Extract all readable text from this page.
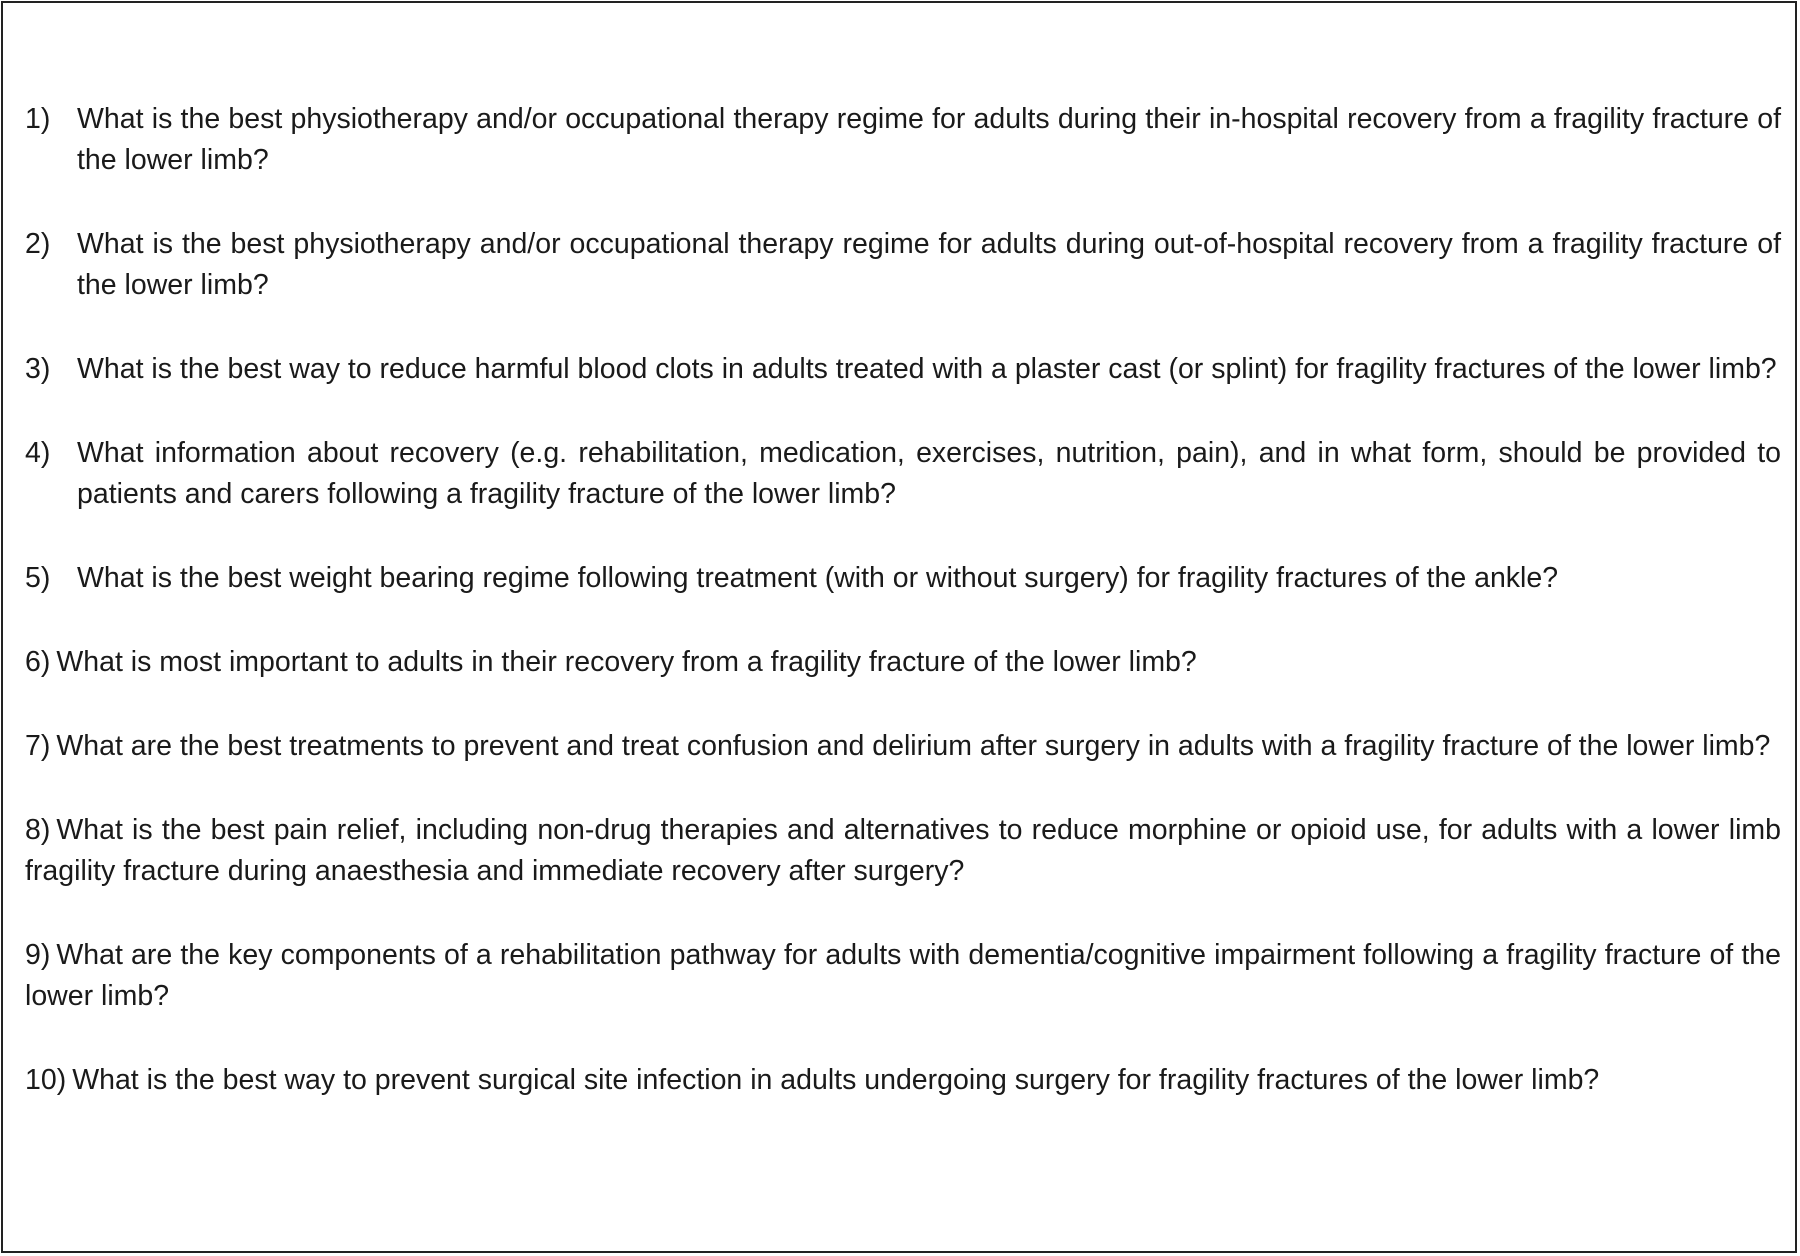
1) What is the best physiotherapy and/or occupational therapy regime for adults during their in-hospital recovery from a fragility fracture of the lower limb?
2) What is the best physiotherapy and/or occupational therapy regime for adults during out-of-hospital recovery from a fragility fracture of the lower limb?
3) What is the best way to reduce harmful blood clots in adults treated with a plaster cast (or splint) for fragility fractures of the lower limb?
4) What information about recovery (e.g. rehabilitation, medication, exercises, nutrition, pain), and in what form, should be provided to patients and carers following a fragility fracture of the lower limb?
5) What is the best weight bearing regime following treatment (with or without surgery) for fragility fractures of the ankle?
6) What is most important to adults in their recovery from a fragility fracture of the lower limb?
7) What are the best treatments to prevent and treat confusion and delirium after surgery in adults with a fragility fracture of the lower limb?
8) What is the best pain relief, including non-drug therapies and alternatives to reduce morphine or opioid use, for adults with a lower limb fragility fracture during anaesthesia and immediate recovery after surgery?
9) What are the key components of a rehabilitation pathway for adults with dementia/cognitive impairment following a fragility fracture of the lower limb?
10) What is the best way to prevent surgical site infection in adults undergoing surgery for fragility fractures of the lower limb?
